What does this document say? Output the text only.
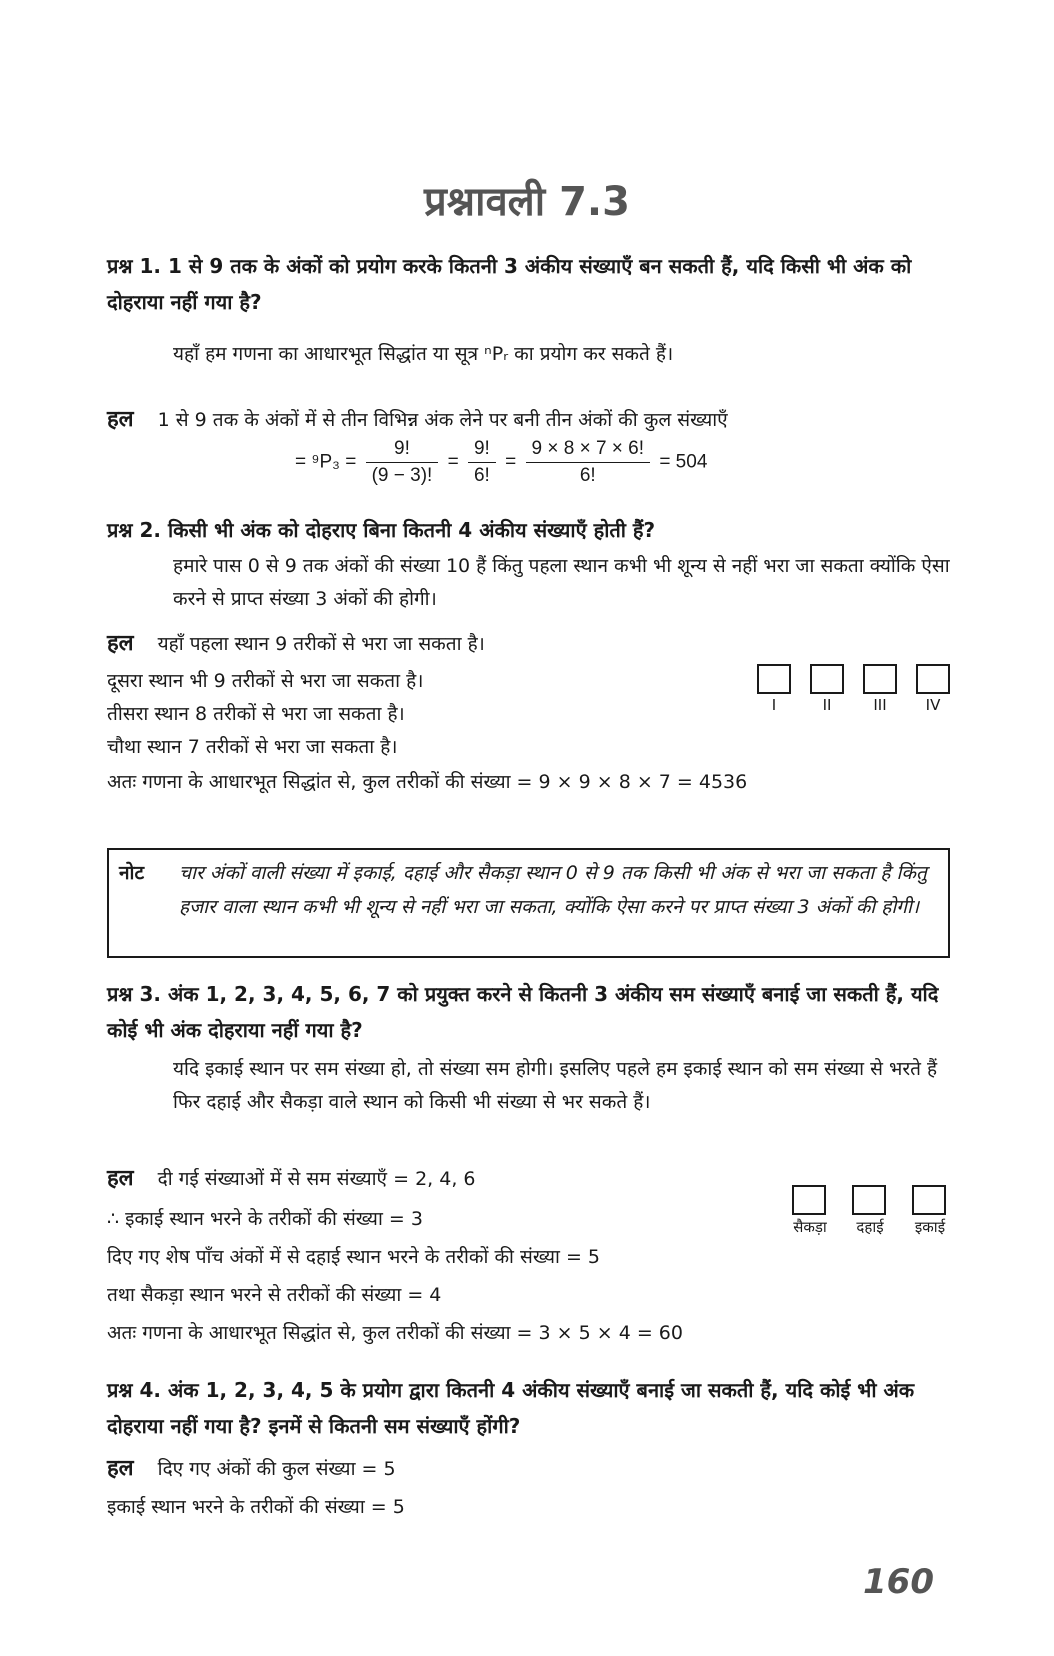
प्रश्नावली 7.3
प्रश्न 1. 1 से 9 तक के अंकों को प्रयोग करके कितनी 3 अंकीय संख्याएँ बन सकती हैं, यदि किसी भी अंक को दोहराया नहीं गया है?
यहाँ हम गणना का आधारभूत सिद्धांत या सूत्र ⁿPᵣ का प्रयोग कर सकते हैं।
हल 1 से 9 तक के अंकों में से तीन विभिन्न अंक लेने पर बनी तीन अंकों की कुल संख्याएँ
= $^9P_3 = \frac{9!}{(9 - 3)!} = \frac{9!}{6!} = \frac{9 \times 8 \times 7 \times 6!}{6!} = 504$
प्रश्न 2. किसी भी अंक को दोहराए बिना कितनी 4 अंकीय संख्याएँ होती हैं?
हमारे पास 0 से 9 तक अंकों की संख्या 10 हैं किंतु पहला स्थान कभी भी शून्य से नहीं भरा जा सकता क्योंकि ऐसा करने से प्राप्त संख्या 3 अंकों की होगी।
हल यहाँ पहला स्थान 9 तरीकों से भरा जा सकता है।
दूसरा स्थान भी 9 तरीकों से भरा जा सकता है।
तीसरा स्थान 8 तरीकों से भरा जा सकता है।
चौथा स्थान 7 तरीकों से भरा जा सकता है।
अतः गणना के आधारभूत सिद्धांत से, कुल तरीकों की संख्या = 9 × 9 × 8 × 7 = 4536
I	II	III	IV
नोट चार अंकों वाली संख्या में इकाई, दहाई और सैकड़ा स्थान 0 से 9 तक किसी भी अंक से भरा जा सकता है किंतु हजार वाला स्थान कभी भी शून्य से नहीं भरा जा सकता, क्योंकि ऐसा करने पर प्राप्त संख्या 3 अंकों की होगी।
प्रश्न 3. अंक 1, 2, 3, 4, 5, 6, 7 को प्रयुक्त करने से कितनी 3 अंकीय सम संख्याएँ बनाई जा सकती हैं, यदि कोई भी अंक दोहराया नहीं गया है?
यदि इकाई स्थान पर सम संख्या हो, तो संख्या सम होगी। इसलिए पहले हम इकाई स्थान को सम संख्या से भरते हैं फिर दहाई और सैकड़ा वाले स्थान को किसी भी संख्या से भर सकते हैं।
हल दी गई संख्याओं में से सम संख्याएँ = 2, 4, 6
∴ इकाई स्थान भरने के तरीकों की संख्या = 3
दिए गए शेष पाँच अंकों में से दहाई स्थान भरने के तरीकों की संख्या = 5
तथा सैकड़ा स्थान भरने से तरीकों की संख्या = 4
अतः गणना के आधारभूत सिद्धांत से, कुल तरीकों की संख्या = 3 × 5 × 4 = 60
सैकड़ा	दहाई	इकाई
प्रश्न 4. अंक 1, 2, 3, 4, 5 के प्रयोग द्वारा कितनी 4 अंकीय संख्याएँ बनाई जा सकती हैं, यदि कोई भी अंक दोहराया नहीं गया है? इनमें से कितनी सम संख्याएँ होंगी?
हल दिए गए अंकों की कुल संख्या = 5
इकाई स्थान भरने के तरीकों की संख्या = 5
160
